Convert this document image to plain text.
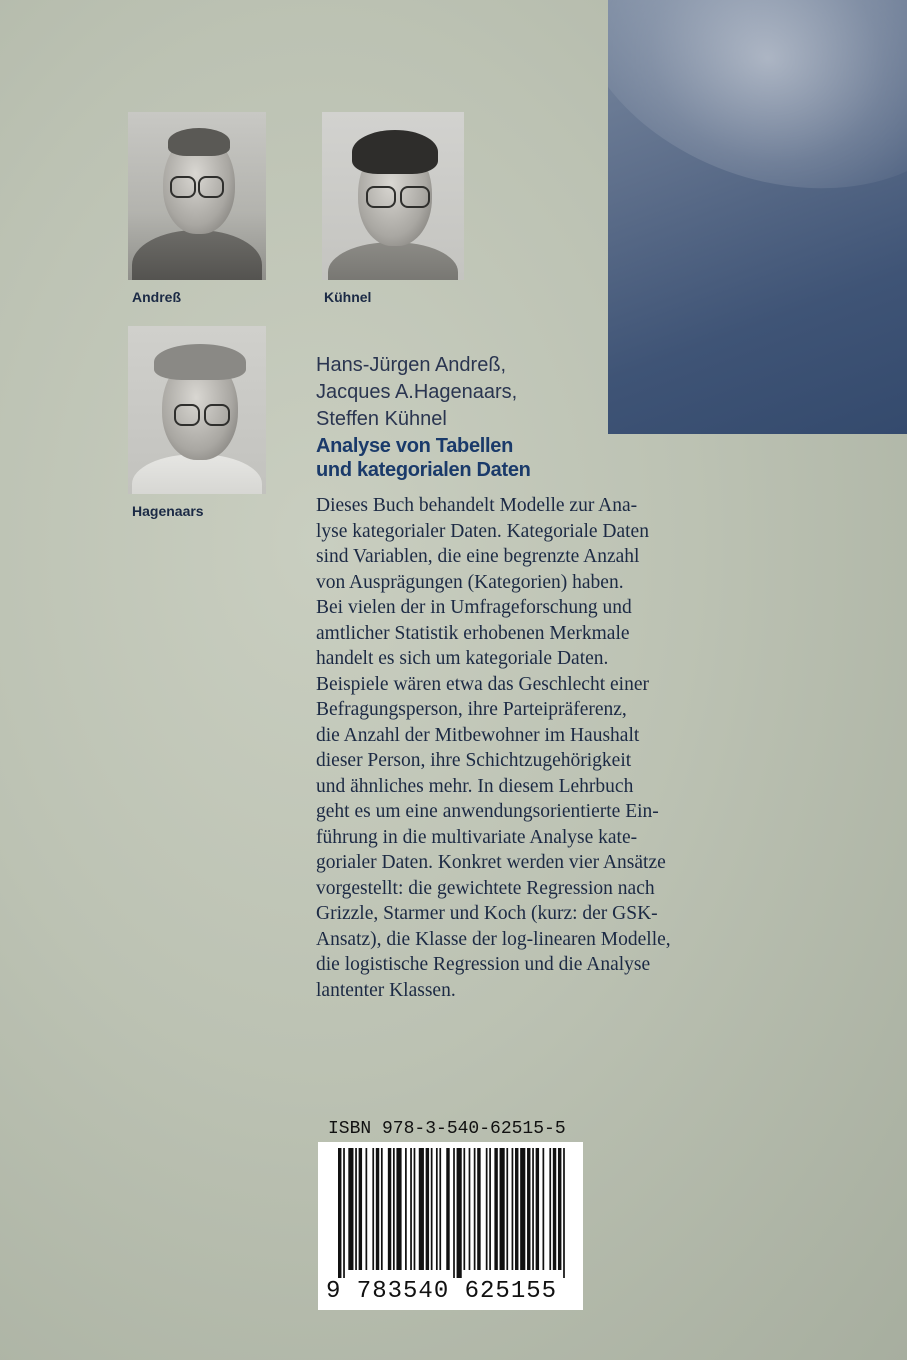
Andreß	Kühnel
Hagenaars
Hans-Jürgen Andreß,
Jacques A.Hagenaars,
Steffen Kühnel
Analyse von Tabellen
und kategorialen Daten
Dieses Buch behandelt Modelle zur Ana-
lyse kategorialer Daten. Kategoriale Daten
sind Variablen, die eine begrenzte Anzahl
von Ausprägungen (Kategorien) haben.
Bei vielen der in Umfrageforschung und
amtlicher Statistik erhobenen Merkmale
handelt es sich um kategoriale Daten.
Beispiele wären etwa das Geschlecht einer
Befragungsperson, ihre Parteipräferenz,
die Anzahl der Mitbewohner im Haushalt
dieser Person, ihre Schichtzugehörigkeit
und ähnliches mehr. In diesem Lehrbuch
geht es um eine anwendungsorientierte Ein-
führung in die multivariate Analyse kate-
gorialer Daten. Konkret werden vier Ansätze
vorgestellt: die gewichtete Regression nach
Grizzle, Starmer und Koch (kurz: der GSK-
Ansatz), die Klasse der log-linearen Modelle,
die logistische Regression und die Analyse
lantenter Klassen.
ISBN 978-3-540-62515-5
9 783540 625155
